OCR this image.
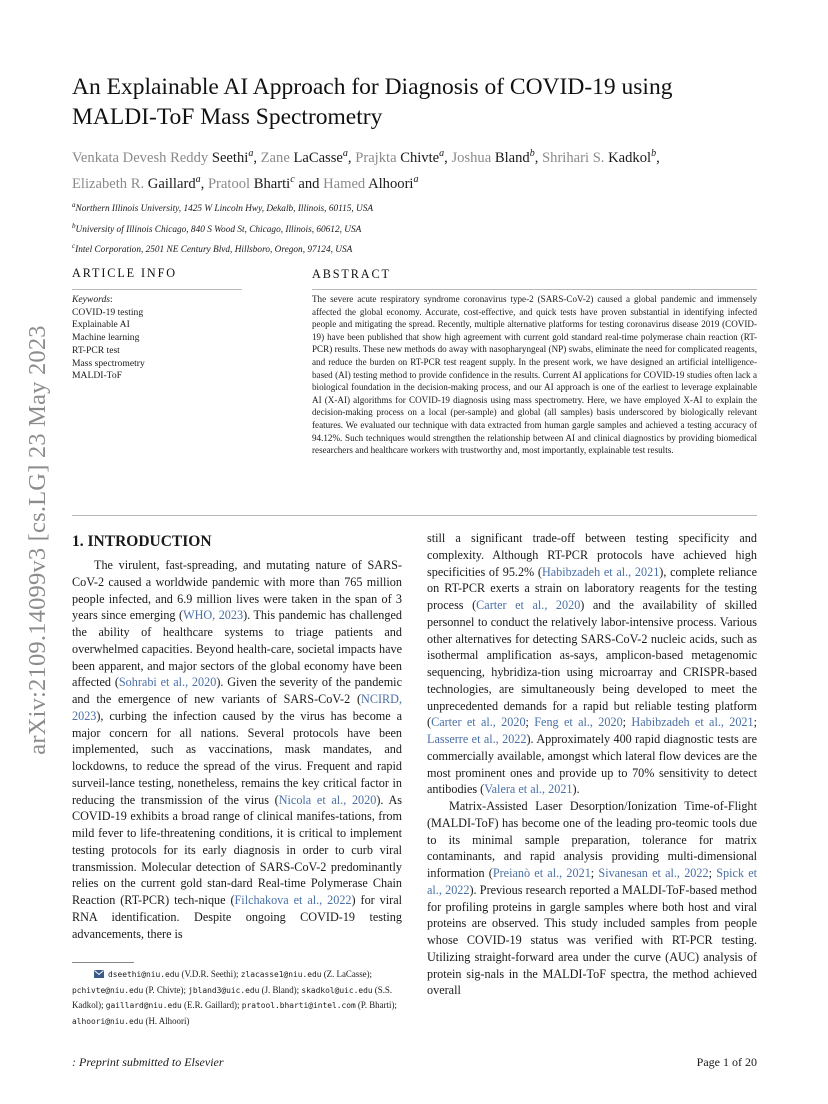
arXiv:2109.14099v3 [cs.LG] 23 May 2023
An Explainable AI Approach for Diagnosis of COVID-19 using
MALDI-ToF Mass Spectrometry
Venkata Devesh Reddy Seethi$^a$, Zane LaCasse$^a$, Prajkta Chivte$^a$, Joshua Bland$^b$, Shrihari S. Kadkol$^b$, Elizabeth R. Gaillard$^a$, Pratool Bharti$^c$ and Hamed Alhoori$^a$
$^a$Northern Illinois University, 1425 W Lincoln Hwy, Dekalb, Illinois, 60115, USA
$^b$University of Illinois Chicago, 840 S Wood St, Chicago, Illinois, 60612, USA
$^c$Intel Corporation, 2501 NE Century Blvd, Hillsboro, Oregon, 97124, USA
ARTICLE INFO	ABSTRACT
Keywords:
COVID-19 testing
Explainable AI
Machine learning
RT-PCR test
Mass spectrometry
MALDI-ToF
The severe acute respiratory syndrome coronavirus type-2 (SARS-CoV-2) caused a global pandemic and immensely affected the global economy. Accurate, cost-effective, and quick tests have proven substantial in identifying infected people and mitigating the spread. Recently, multiple alternative platforms for testing coronavirus disease 2019 (COVID-19) have been published that show high agreement with current gold standard real-time polymerase chain reaction (RT-PCR) results. These new methods do away with nasopharyngeal (NP) swabs, eliminate the need for complicated reagents, and reduce the burden on RT-PCR test reagent supply. In the present work, we have designed an artificial intelligence-based (AI) testing method to provide confidence in the results. Current AI applications for COVID-19 studies often lack a biological foundation in the decision-making process, and our AI approach is one of the earliest to leverage explainable AI (X-AI) algorithms for COVID-19 diagnosis using mass spectrometry. Here, we have employed X-AI to explain the decision-making process on a local (per-sample) and global (all samples) basis underscored by biologically relevant features. We evaluated our technique with data extracted from human gargle samples and achieved a testing accuracy of 94.12%. Such techniques would strengthen the relationship between AI and clinical diagnostics by providing biomedical researchers and healthcare workers with trustworthy and, most importantly, explainable test results.
1. INTRODUCTION

The virulent, fast-spreading, and mutating nature of SARS-CoV-2 caused a worldwide pandemic with more than 765 million people infected, and 6.9 million lives were taken in the span of 3 years since emerging (WHO, 2023). This pandemic has challenged the ability of healthcare systems to triage patients and overwhelmed capacities. Beyond health-care, societal impacts have been apparent, and major sectors of the global economy have been affected (Sohrabi et al., 2020). Given the severity of the pandemic and the emergence of new variants of SARS-CoV-2 (NCIRD, 2023), curbing the infection caused by the virus has become a major concern for all nations. Several protocols have been implemented, such as vaccinations, mask mandates, and lockdowns, to reduce the spread of the virus. Frequent and rapid surveil-lance testing, nonetheless, remains the key critical factor in reducing the transmission of the virus (Nicola et al., 2020). As COVID-19 exhibits a broad range of clinical manifes-tations, from mild fever to life-threatening conditions, it is critical to implement testing protocols for its early diagnosis in order to curb viral transmission. Molecular detection of SARS-CoV-2 predominantly relies on the current gold stan-dard Real-time Polymerase Chain Reaction (RT-PCR) tech-nique (Filchakova et al., 2022) for viral RNA identification. Despite ongoing COVID-19 testing advancements, there is

still a significant trade-off between testing specificity and complexity. Although RT-PCR protocols have achieved high specificities of 95.2% (Habibzadeh et al., 2021), complete reliance on RT-PCR exerts a strain on laboratory reagents for the testing process (Carter et al., 2020) and the availability of skilled personnel to conduct the relatively labor-intensive process. Various other alternatives for detecting SARS-CoV-2 nucleic acids, such as isothermal amplification as-says, amplicon-based metagenomic sequencing, hybridiza-tion using microarray and CRISPR-based technologies, are simultaneously being developed to meet the unprecedented demands for a rapid but reliable testing platform (Carter et al., 2020; Feng et al., 2020; Habibzadeh et al., 2021; Lasserre et al., 2022). Approximately 400 rapid diagnostic tests are commercially available, amongst which lateral flow devices are the most prominent ones and provide up to 70% sensitivity to detect antibodies (Valera et al., 2021).

Matrix-Assisted Laser Desorption/Ionization Time-of-Flight (MALDI-ToF) has become one of the leading pro-teomic tools due to its minimal sample preparation, tolerance for matrix contaminants, and rapid analysis providing multi-dimensional information (Preianò et al., 2021; Sivanesan et al., 2022; Spick et al., 2022). Previous research reported a MALDI-ToF-based method for profiling proteins in gargle samples where both host and viral proteins are observed. This study included samples from people whose COVID-19 status was verified with RT-PCR testing. Utilizing straight-forward area under the curve (AUC) analysis of protein sig-nals in the MALDI-ToF spectra, the method achieved overall

dseethi@niu.edu (V.D.R. Seethi); zlacasse1@niu.edu (Z. LaCasse); pchivte@niu.edu (P. Chivte); jbland3@uic.edu (J. Bland); skadkol@uic.edu (S.S. Kadkol); gaillard@niu.edu (E.R. Gaillard); pratool.bharti@intel.com (P. Bharti); alhoori@niu.edu (H. Alhoori)
: Preprint submitted to Elsevier	Page 1 of 20
